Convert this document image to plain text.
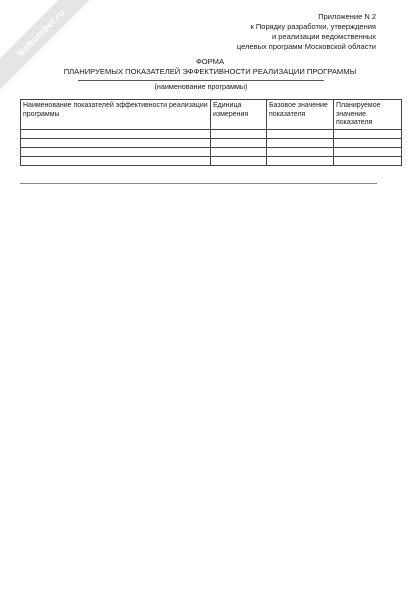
NoNumber.ru	Приложение N 2
к Порядку разработки, утверждения
и реализации ведомственных
целевых программ Московской области
ФОРМА
ПЛАНИРУЕМЫХ ПОКАЗАТЕЛЕЙ ЭФФЕКТИВНОСТИ РЕАЛИЗАЦИИ ПРОГРАММЫ
(наименование программы)
Наименование показателей эффективности реализации программы	Единица измерения	Базовое значение показателя	Планируемое значение показателя
